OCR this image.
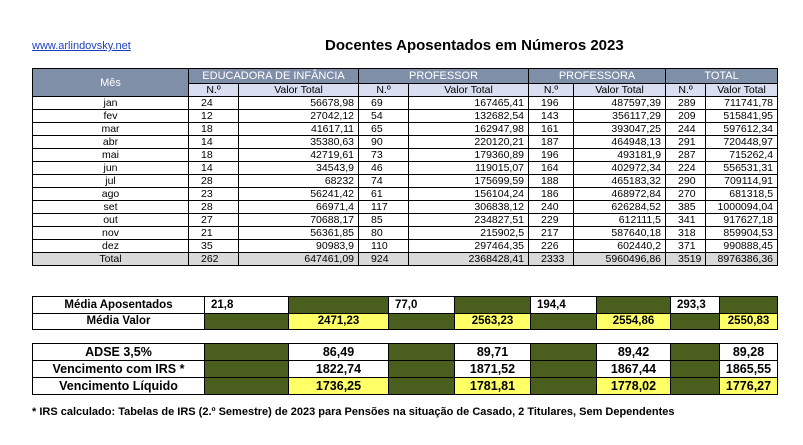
www.arlindovsky.net	Docentes Aposentados em Números 2023
Mês	EDUCADORA DE INFÂNCIA		PROFESSOR		PROFESSORA		TOTAL	
	N.º	Valor Total	N.º	Valor Total	N.º	Valor Total	N.º	Valor Total
jan	24	56678,98	69	167465,41	196	487597,39	289	711741,78
fev	12	27042,12	54	132682,54	143	356117,29	209	515841,95
mar	18	41617,11	65	162947,98	161	393047,25	244	597612,34
abr	14	35380,63	90	220120,21	187	464948,13	291	720448,97
mai	18	42719,61	73	179360,89	196	493181,9	287	715262,4
jun	14	34543,9	46	119015,07	164	402972,34	224	556531,31
jul	28	68232	74	175699,59	188	465183,32	290	709114,91
ago	23	56241,42	61	156104,24	186	468972,84	270	681318,5
set	28	66971,4	117	306838,12	240	626284,52	385	1000094,04
out	27	70688,17	85	234827,51	229	612111,5	341	917627,18
nov	21	56361,85	80	215902,5	217	587640,18	318	859904,53
dez	35	90983,9	110	297464,35	226	602440,2	371	990888,45
Total	262	647461,09	924	2368428,41	2333	5960496,86	3519	8976386,36
Média Aposentados	21,8		77,0		194,4		293,3	
Média Valor		2471,23		2563,23		2554,86		2550,83
ADSE 3,5%		86,49		89,71		89,42		89,28
Vencimento com IRS *		1822,74		1871,52		1867,44		1865,55
Vencimento Líquido		1736,25		1781,81		1778,02		1776,27
* IRS calculado: Tabelas de IRS (2.º Semestre) de 2023 para Pensões na situação de Casado, 2 Titulares, Sem Dependentes
